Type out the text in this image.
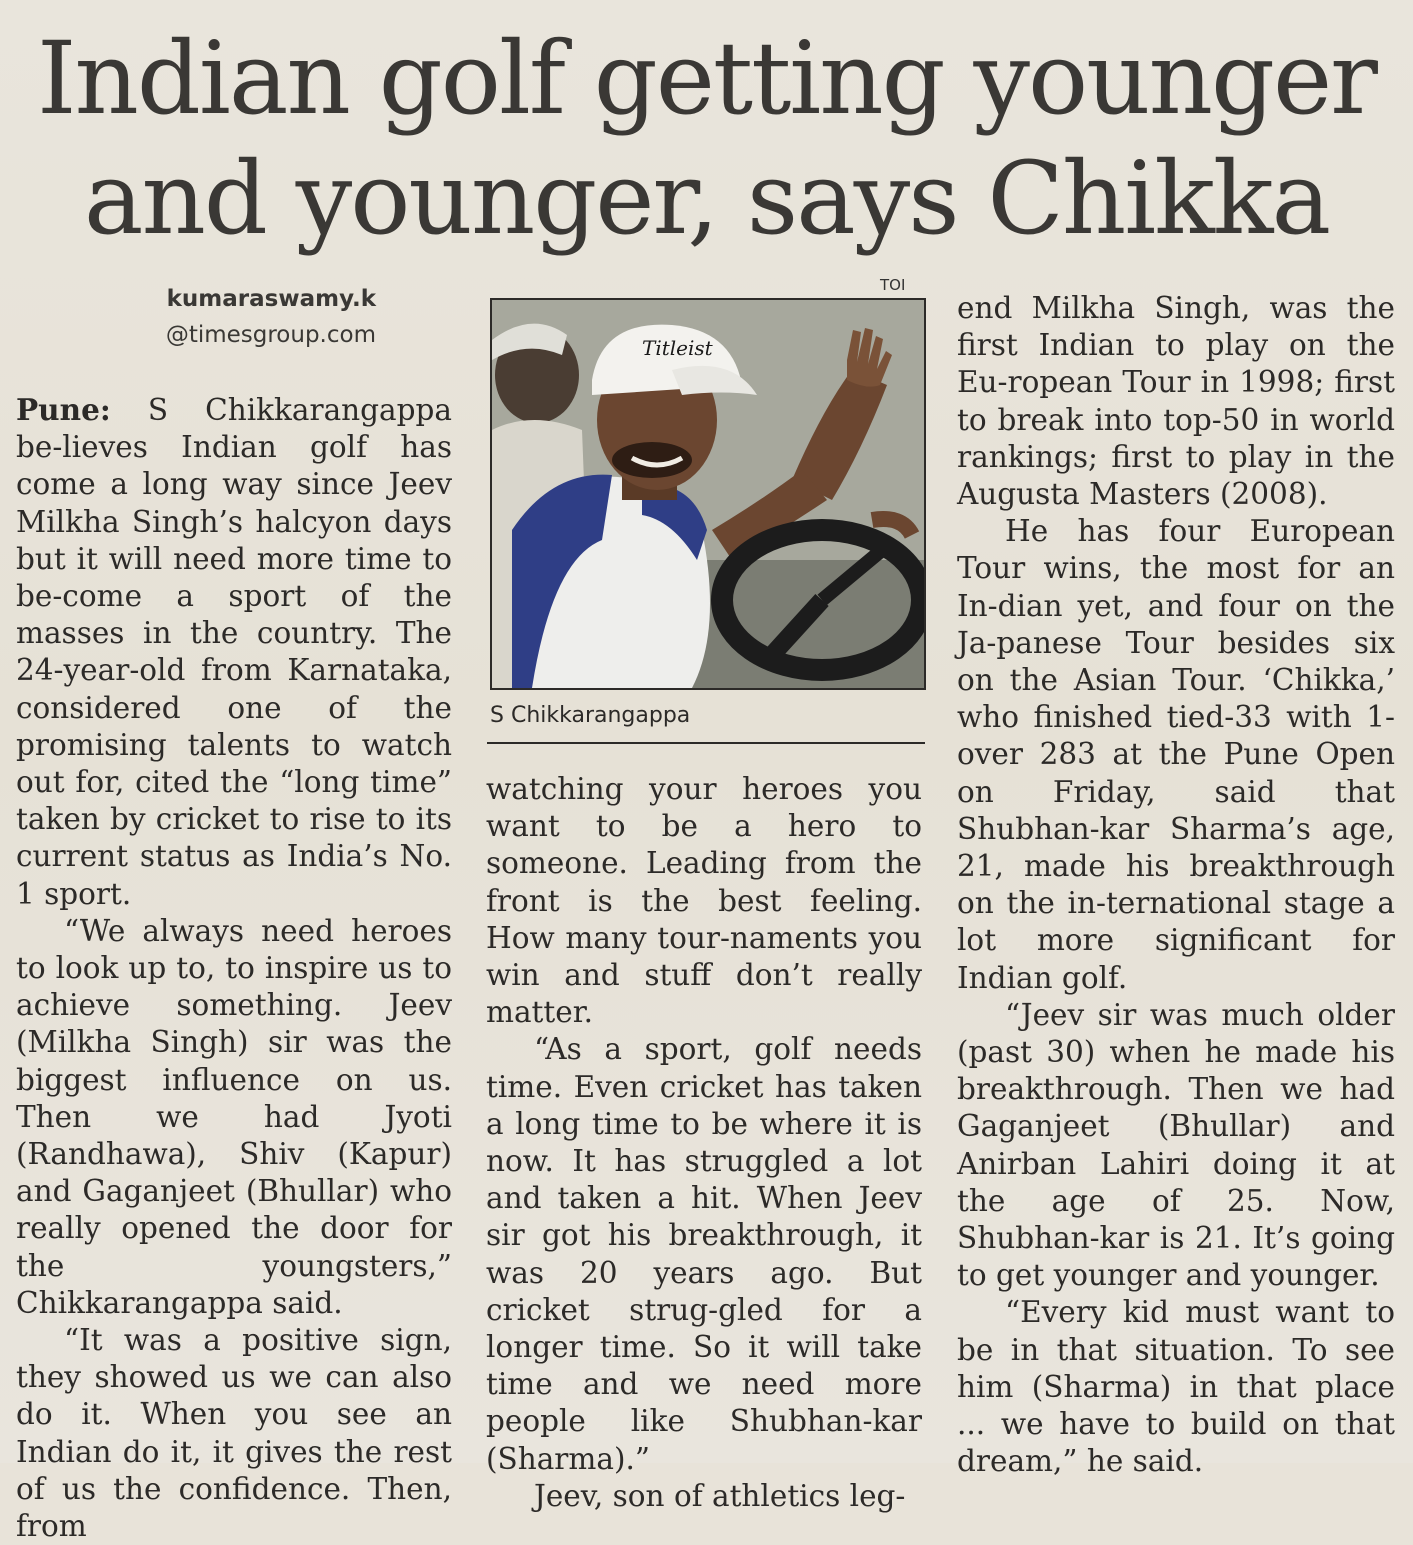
Indian golf getting younger
and younger, says Chikka
kumaraswamy.k
@timesgroup.com

Pune: S Chikkarangappa be-lieves Indian golf has come a long way since Jeev Milkha Singh’s halcyon days but it will need more time to be-come a sport of the masses in the country. The 24-year-old from Karnataka, considered one of the promising talents to watch out for, cited the “long time” taken by cricket to rise to its current status as India’s No. 1 sport.

“We always need heroes to look up to, to inspire us to achieve something. Jeev (Milkha Singh) sir was the biggest influence on us. Then we had Jyoti (Randhawa), Shiv (Kapur) and Gaganjeet (Bhullar) who really opened the door for the youngsters,” Chikkarangappa said.

“It was a positive sign, they showed us we can also do it. When you see an Indian do it, it gives the rest of us the confidence. Then, from

TOI
Titleist
S Chikkarangappa

watching your heroes you want to be a hero to someone. Leading from the front is the best feeling. How many tour-naments you win and stuff don’t really matter.

“As a sport, golf needs time. Even cricket has taken a long time to be where it is now. It has struggled a lot and taken a hit. When Jeev sir got his breakthrough, it was 20 years ago. But cricket strug-gled for a longer time. So it will take time and we need more people like Shubhan-kar (Sharma).”

Jeev, son of athletics leg-

end Milkha Singh, was the first Indian to play on the Eu-ropean Tour in 1998; first to break into top-50 in world rankings; first to play in the Augusta Masters (2008).

He has four European Tour wins, the most for an In-dian yet, and four on the Ja-panese Tour besides six on the Asian Tour. ‘Chikka,’ who finished tied-33 with 1-over 283 at the Pune Open on Friday, said that Shubhan-kar Sharma’s age, 21, made his breakthrough on the in-ternational stage a lot more significant for Indian golf.

“Jeev sir was much older (past 30) when he made his breakthrough. Then we had Gaganjeet (Bhullar) and Anirban Lahiri doing it at the age of 25. Now, Shubhan-kar is 21. It’s going to get younger and younger.

“Every kid must want to be in that situation. To see him (Sharma) in that place ... we have to build on that dream,” he said.
